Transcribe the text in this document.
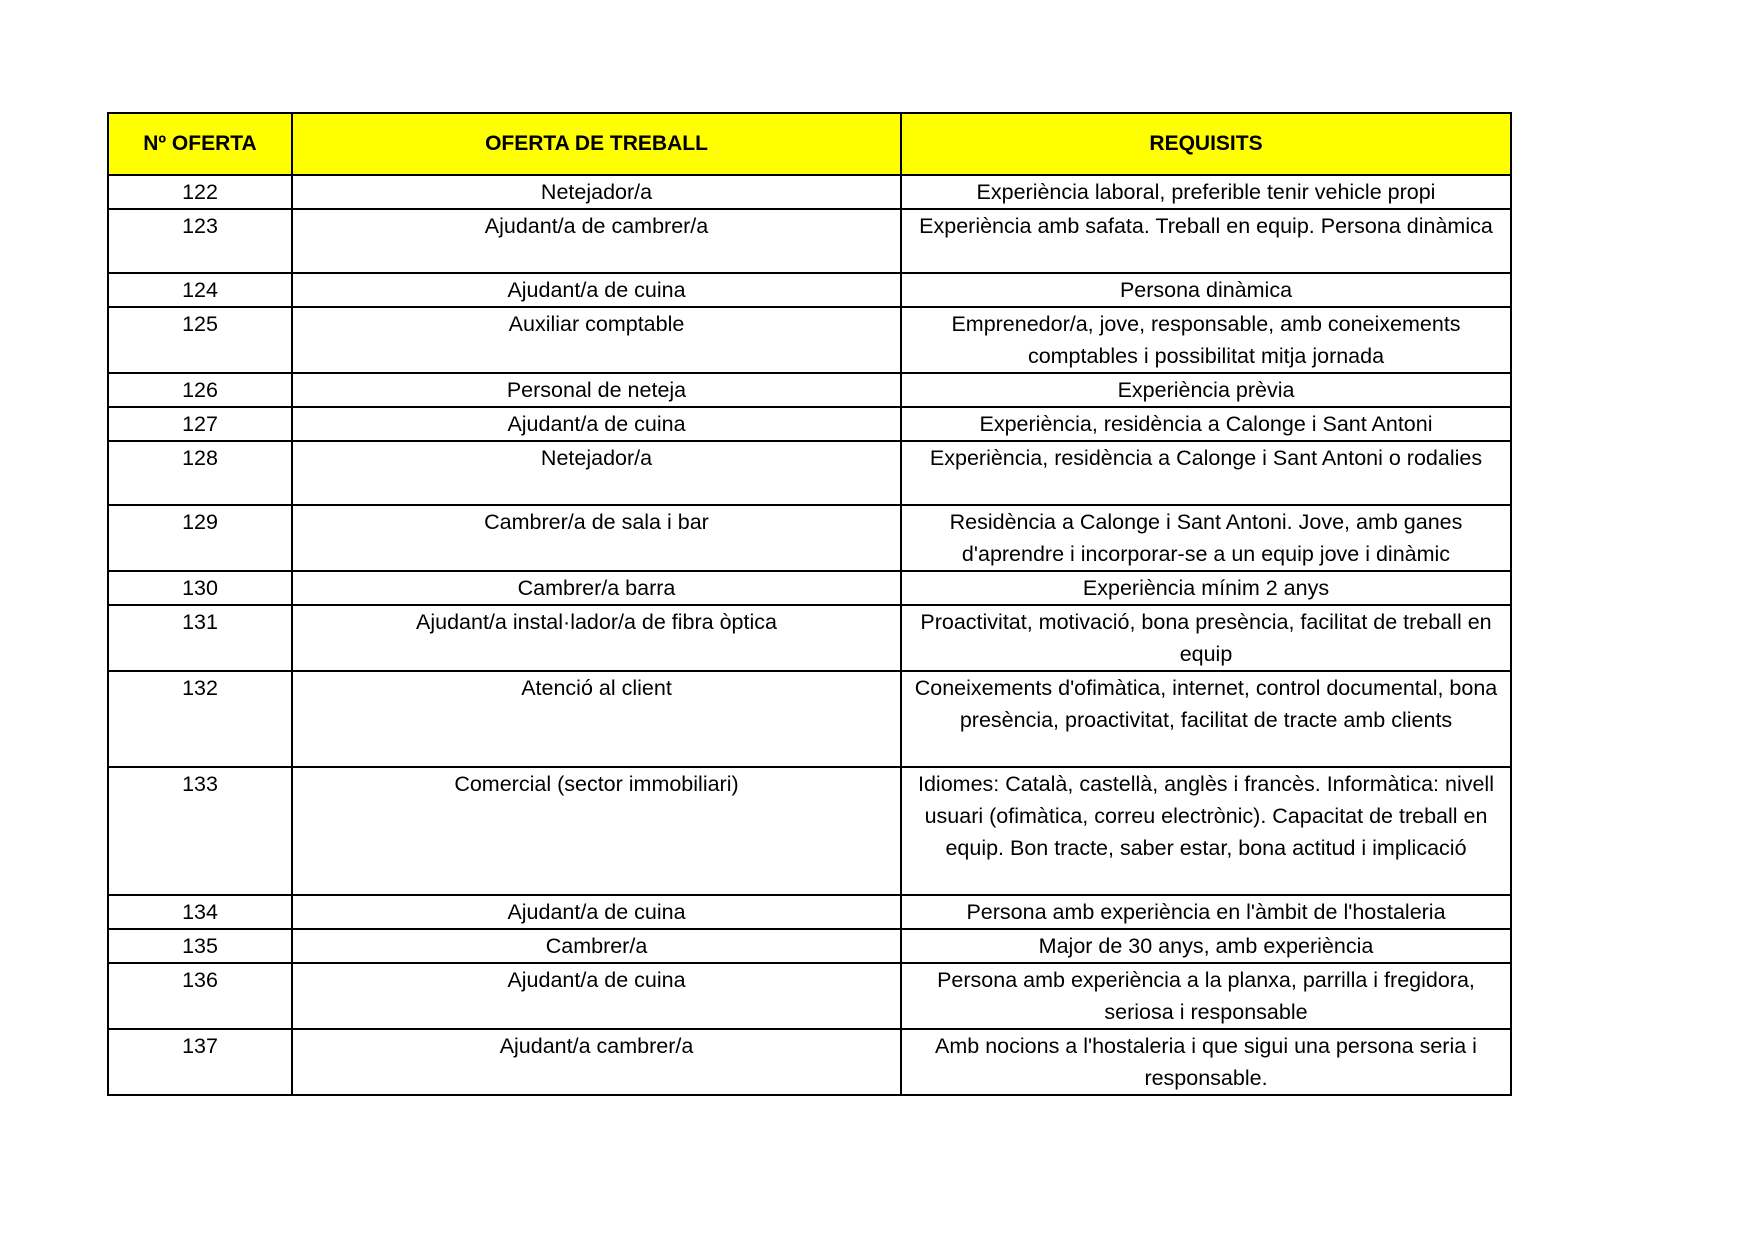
Nº OFERTA	OFERTA DE TREBALL	REQUISITS
122	Netejador/a	Experiència laboral, preferible tenir vehicle propi
123	Ajudant/a de cambrer/a	Experiència amb safata. Treball en equip. Persona dinàmica
124	Ajudant/a de cuina	Persona dinàmica
125	Auxiliar comptable	Emprenedor/a, jove, responsable, amb coneixements comptables i possibilitat mitja jornada
126	Personal de neteja	Experiència prèvia
127	Ajudant/a de cuina	Experiència, residència a Calonge i Sant Antoni
128	Netejador/a	Experiència, residència a Calonge i Sant Antoni o rodalies
129	Cambrer/a de sala i bar	Residència a Calonge i Sant Antoni. Jove, amb ganes d'aprendre i incorporar-se a un equip jove i dinàmic
130	Cambrer/a barra	Experiència mínim 2 anys
131	Ajudant/a instal·lador/a de fibra òptica	Proactivitat, motivació, bona presència, facilitat de treball en equip
132	Atenció al client	Coneixements d'ofimàtica, internet, control documental, bona presència, proactivitat, facilitat de tracte amb clients
133	Comercial (sector immobiliari)	Idiomes: Català, castellà, anglès i francès. Informàtica: nivell usuari (ofimàtica, correu electrònic). Capacitat de treball en equip. Bon tracte, saber estar, bona actitud i implicació
134	Ajudant/a de cuina	Persona amb experiència en l'àmbit de l'hostaleria
135	Cambrer/a	Major de 30 anys, amb experiència
136	Ajudant/a de cuina	Persona amb experiència a la planxa, parrilla i fregidora, seriosa i responsable
137	Ajudant/a cambrer/a	Amb nocions a l'hostaleria i que sigui una persona seria i responsable.
